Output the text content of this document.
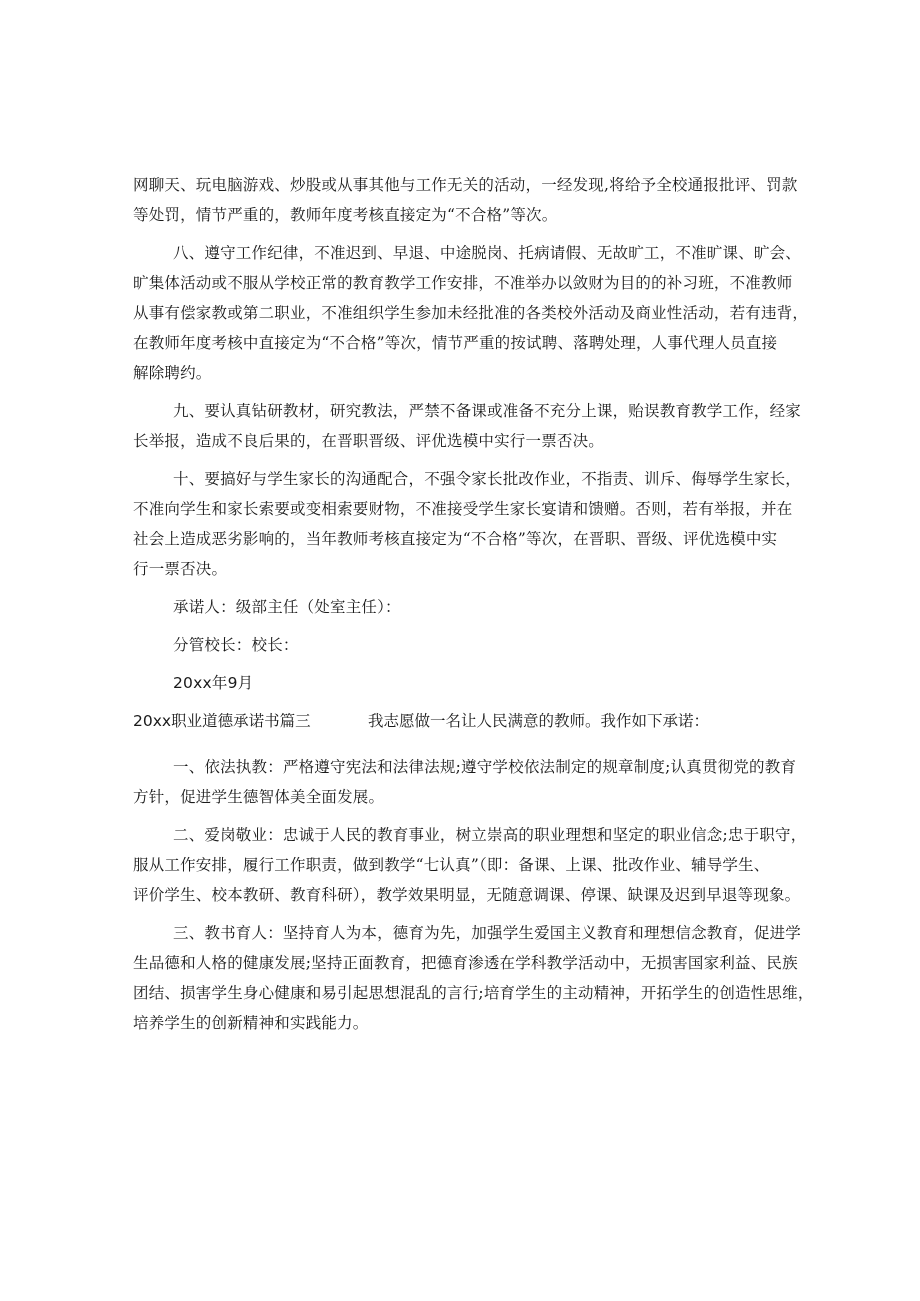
网聊天、玩电脑游戏、炒股或从事其他与工作无关的活动，一经发现,将给予全校通报批评、罚款

等处罚，情节严重的，教师年度考核直接定为“不合格”等次。

八、遵守工作纪律，不准迟到、早退、中途脱岗、托病请假、无故旷工，不准旷课、旷会、

旷集体活动或不服从学校正常的教育教学工作安排，不准举办以敛财为目的的补习班，不准教师

从事有偿家教或第二职业，不准组织学生参加未经批准的各类校外活动及商业性活动，若有违背，

在教师年度考核中直接定为“不合格”等次，情节严重的按试聘、落聘处理，人事代理人员直接

解除聘约。

九、要认真钻研教材，研究教法，严禁不备课或准备不充分上课，贻误教育教学工作，经家

长举报，造成不良后果的，在晋职晋级、评优选模中实行一票否决。

十、要搞好与学生家长的沟通配合，不强令家长批改作业，不指责、训斥、侮辱学生家长，

不准向学生和家长索要或变相索要财物，不准接受学生家长宴请和馈赠。否则，若有举报，并在

社会上造成恶劣影响的，当年教师考核直接定为“不合格”等次，在晋职、晋级、评优选模中实

行一票否决。

承诺人：级部主任（处室主任）：

分管校长：校长：

20xx年9月

20xx职业道德承诺书篇三	我志愿做一名让人民满意的教师。我作如下承诺：

一、依法执教：严格遵守宪法和法律法规;遵守学校依法制定的规章制度;认真贯彻党的教育

方针，促进学生德智体美全面发展。

二、爱岗敬业：忠诚于人民的教育事业，树立崇高的职业理想和坚定的职业信念;忠于职守，

服从工作安排，履行工作职责，做到教学“七认真”（即：备课、上课、批改作业、辅导学生、

评价学生、校本教研、教育科研），教学效果明显，无随意调课、停课、缺课及迟到早退等现象。

三、教书育人：坚持育人为本，德育为先，加强学生爱国主义教育和理想信念教育，促进学

生品德和人格的健康发展;坚持正面教育，把德育渗透在学科教学活动中，无损害国家利益、民族

团结、损害学生身心健康和易引起思想混乱的言行;培育学生的主动精神，开拓学生的创造性思维，

培养学生的创新精神和实践能力。
